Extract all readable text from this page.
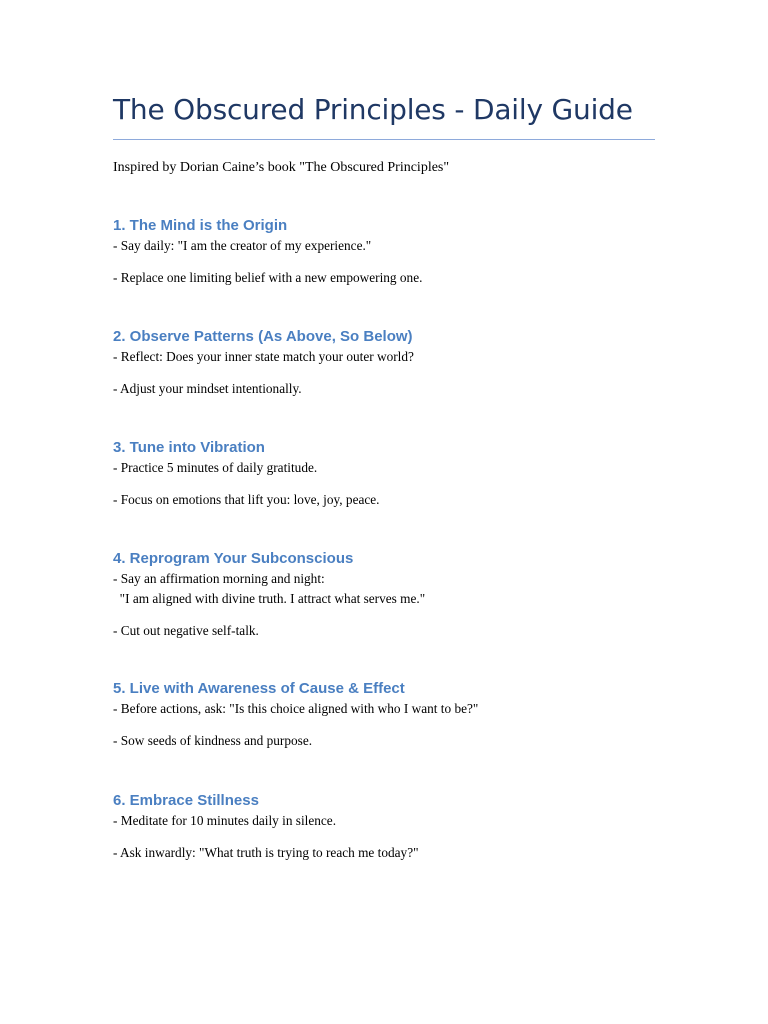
The Obscured Principles - Daily Guide

Inspired by Dorian Caine’s book "The Obscured Principles"

1. The Mind is the Origin

- Say daily: "I am the creator of my experience."

- Replace one limiting belief with a new empowering one.

2. Observe Patterns (As Above, So Below)

- Reflect: Does your inner state match your outer world?

- Adjust your mindset intentionally.

3. Tune into Vibration

- Practice 5 minutes of daily gratitude.

- Focus on emotions that lift you: love, joy, peace.

4. Reprogram Your Subconscious

- Say an affirmation morning and night:

"I am aligned with divine truth. I attract what serves me."

- Cut out negative self-talk.

5. Live with Awareness of Cause & Effect

- Before actions, ask: "Is this choice aligned with who I want to be?"

- Sow seeds of kindness and purpose.

6. Embrace Stillness

- Meditate for 10 minutes daily in silence.

- Ask inwardly: "What truth is trying to reach me today?"
